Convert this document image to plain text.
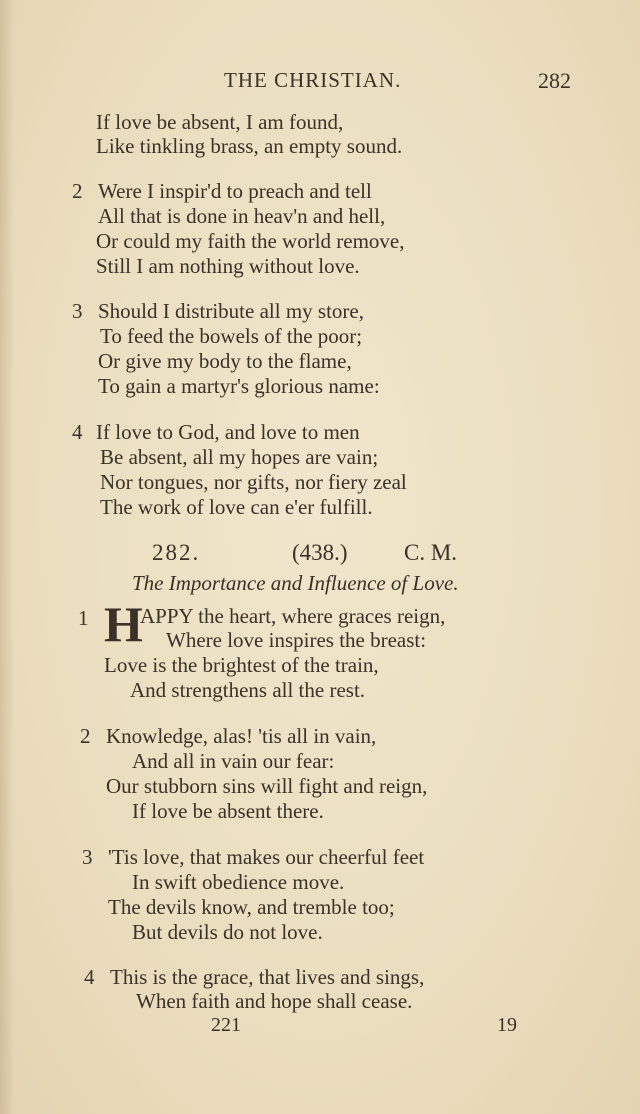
THE CHRISTIAN.	282
If love be absent, I am found,
Like tinkling brass, an empty sound.
2 Were I inspir'd to preach and tell
All that is done in heav'n and hell,
Or could my faith the world remove,
Still I am nothing without love.
3 Should I distribute all my store,
To feed the bowels of the poor;
Or give my body to the flame,
To gain a martyr's glorious name:
4 If love to God, and love to men
Be absent, all my hopes are vain;
Nor tongues, nor gifts, nor fiery zeal
The work of love can e'er fulfill.
282.	(438.) C. M.
The Importance and Influence of Love.
1 H
APPY the heart, where graces reign,
Where love inspires the breast:
Love is the brightest of the train,
And strengthens all the rest.
2 Knowledge, alas! 'tis all in vain,
And all in vain our fear:
Our stubborn sins will fight and reign,
If love be absent there.
3 'Tis love, that makes our cheerful feet
In swift obedience move.
The devils know, and tremble too;
But devils do not love.
4 This is the grace, that lives and sings,
When faith and hope shall cease.
221	19
